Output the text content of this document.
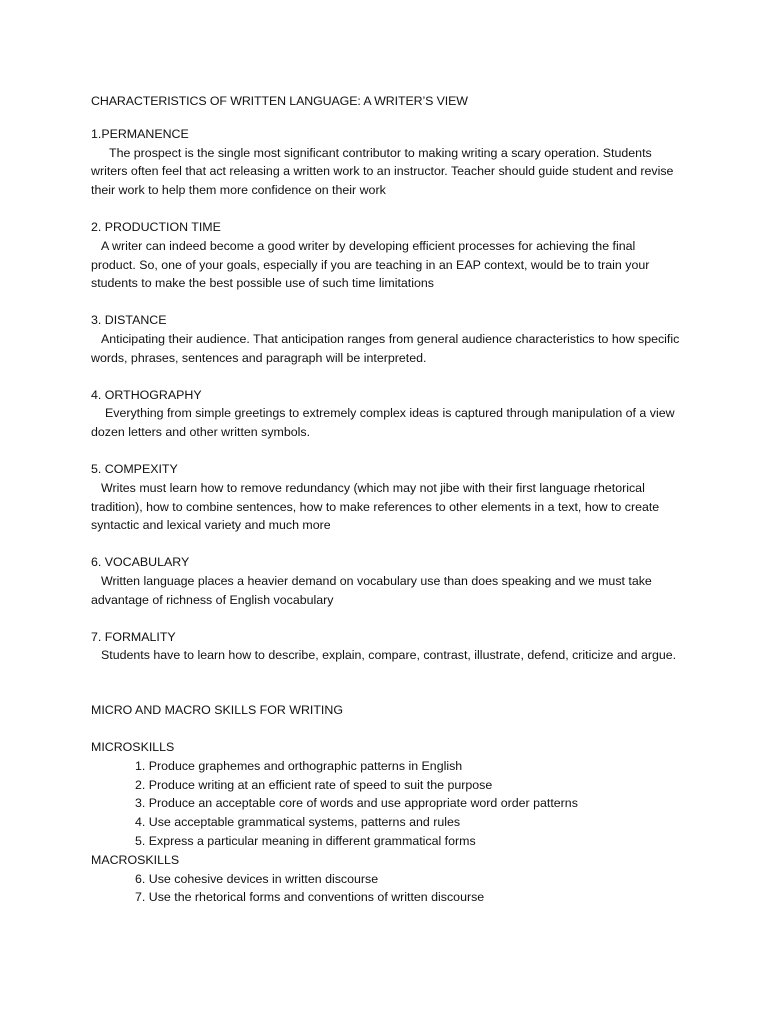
CHARACTERISTICS OF WRITTEN LANGUAGE: A WRITER’S VIEW

1.PERMANENCE

The prospect is the single most significant contributor to making writing a scary operation. Students writers often feel that act releasing a written work to an instructor. Teacher should guide student and revise their work to help them more confidence on their work

2. PRODUCTION TIME

A writer can indeed become a good writer by developing efficient processes for achieving the final product. So, one of your goals, especially if you are teaching in an EAP context, would be to train your students to make the best possible use of such time limitations

3. DISTANCE

Anticipating their audience. That anticipation ranges from general audience characteristics to how specific words, phrases, sentences and paragraph will be interpreted.

4. ORTHOGRAPHY

Everything from simple greetings to extremely complex ideas is captured through manipulation of a view dozen letters and other written symbols.

5. COMPEXITY

Writes must learn how to remove redundancy (which may not jibe with their first language rhetorical tradition), how to combine sentences, how to make references to other elements in a text, how to create syntactic and lexical variety and much more

6. VOCABULARY

Written language places a heavier demand on vocabulary use than does speaking and we must take advantage of richness of English vocabulary

7. FORMALITY

Students have to learn how to describe, explain, compare, contrast, illustrate, defend, criticize and argue.

MICRO AND MACRO SKILLS FOR WRITING

MICROSKILLS

1. Produce graphemes and orthographic patterns in English
2. Produce writing at an efficient rate of speed to suit the purpose
3. Produce an acceptable core of words and use appropriate word order patterns
4. Use acceptable grammatical systems, patterns and rules
5. Express a particular meaning in different grammatical forms

MACROSKILLS

6. Use cohesive devices in written discourse
7. Use the rhetorical forms and conventions of written discourse
